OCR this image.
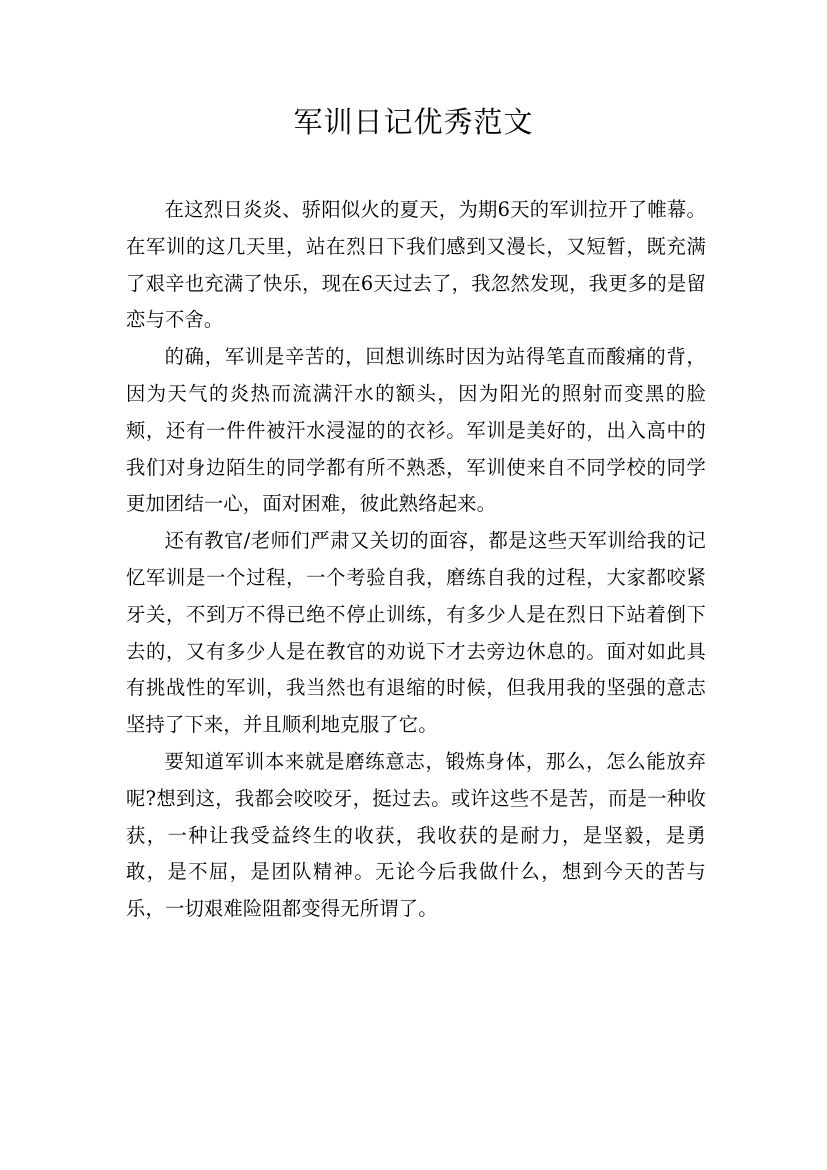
军训日记优秀范文

在这烈日炎炎、骄阳似火的夏天，为期6天的军训拉开了帷幕。在军训的这几天里，站在烈日下我们感到又漫长，又短暂，既充满了艰辛也充满了快乐，现在6天过去了，我忽然发现，我更多的是留恋与不舍。

的确，军训是辛苦的，回想训练时因为站得笔直而酸痛的背，因为天气的炎热而流满汗水的额头，因为阳光的照射而变黑的脸颊，还有一件件被汗水浸湿的的衣衫。军训是美好的，出入高中的我们对身边陌生的同学都有所不熟悉，军训使来自不同学校的同学更加团结一心，面对困难，彼此熟络起来。

还有教官/老师们严肃又关切的面容，都是这些天军训给我的记忆军训是一个过程，一个考验自我，磨练自我的过程，大家都咬紧牙关，不到万不得已绝不停止训练，有多少人是在烈日下站着倒下去的，又有多少人是在教官的劝说下才去旁边休息的。面对如此具有挑战性的军训，我当然也有退缩的时候，但我用我的坚强的意志坚持了下来，并且顺利地克服了它。

要知道军训本来就是磨练意志，锻炼身体，那么，怎么能放弃呢?想到这，我都会咬咬牙，挺过去。或许这些不是苦，而是一种收获，一种让我受益终生的收获，我收获的是耐力，是坚毅，是勇敢，是不屈，是团队精神。无论今后我做什么，想到今天的苦与乐，一切艰难险阻都变得无所谓了。
